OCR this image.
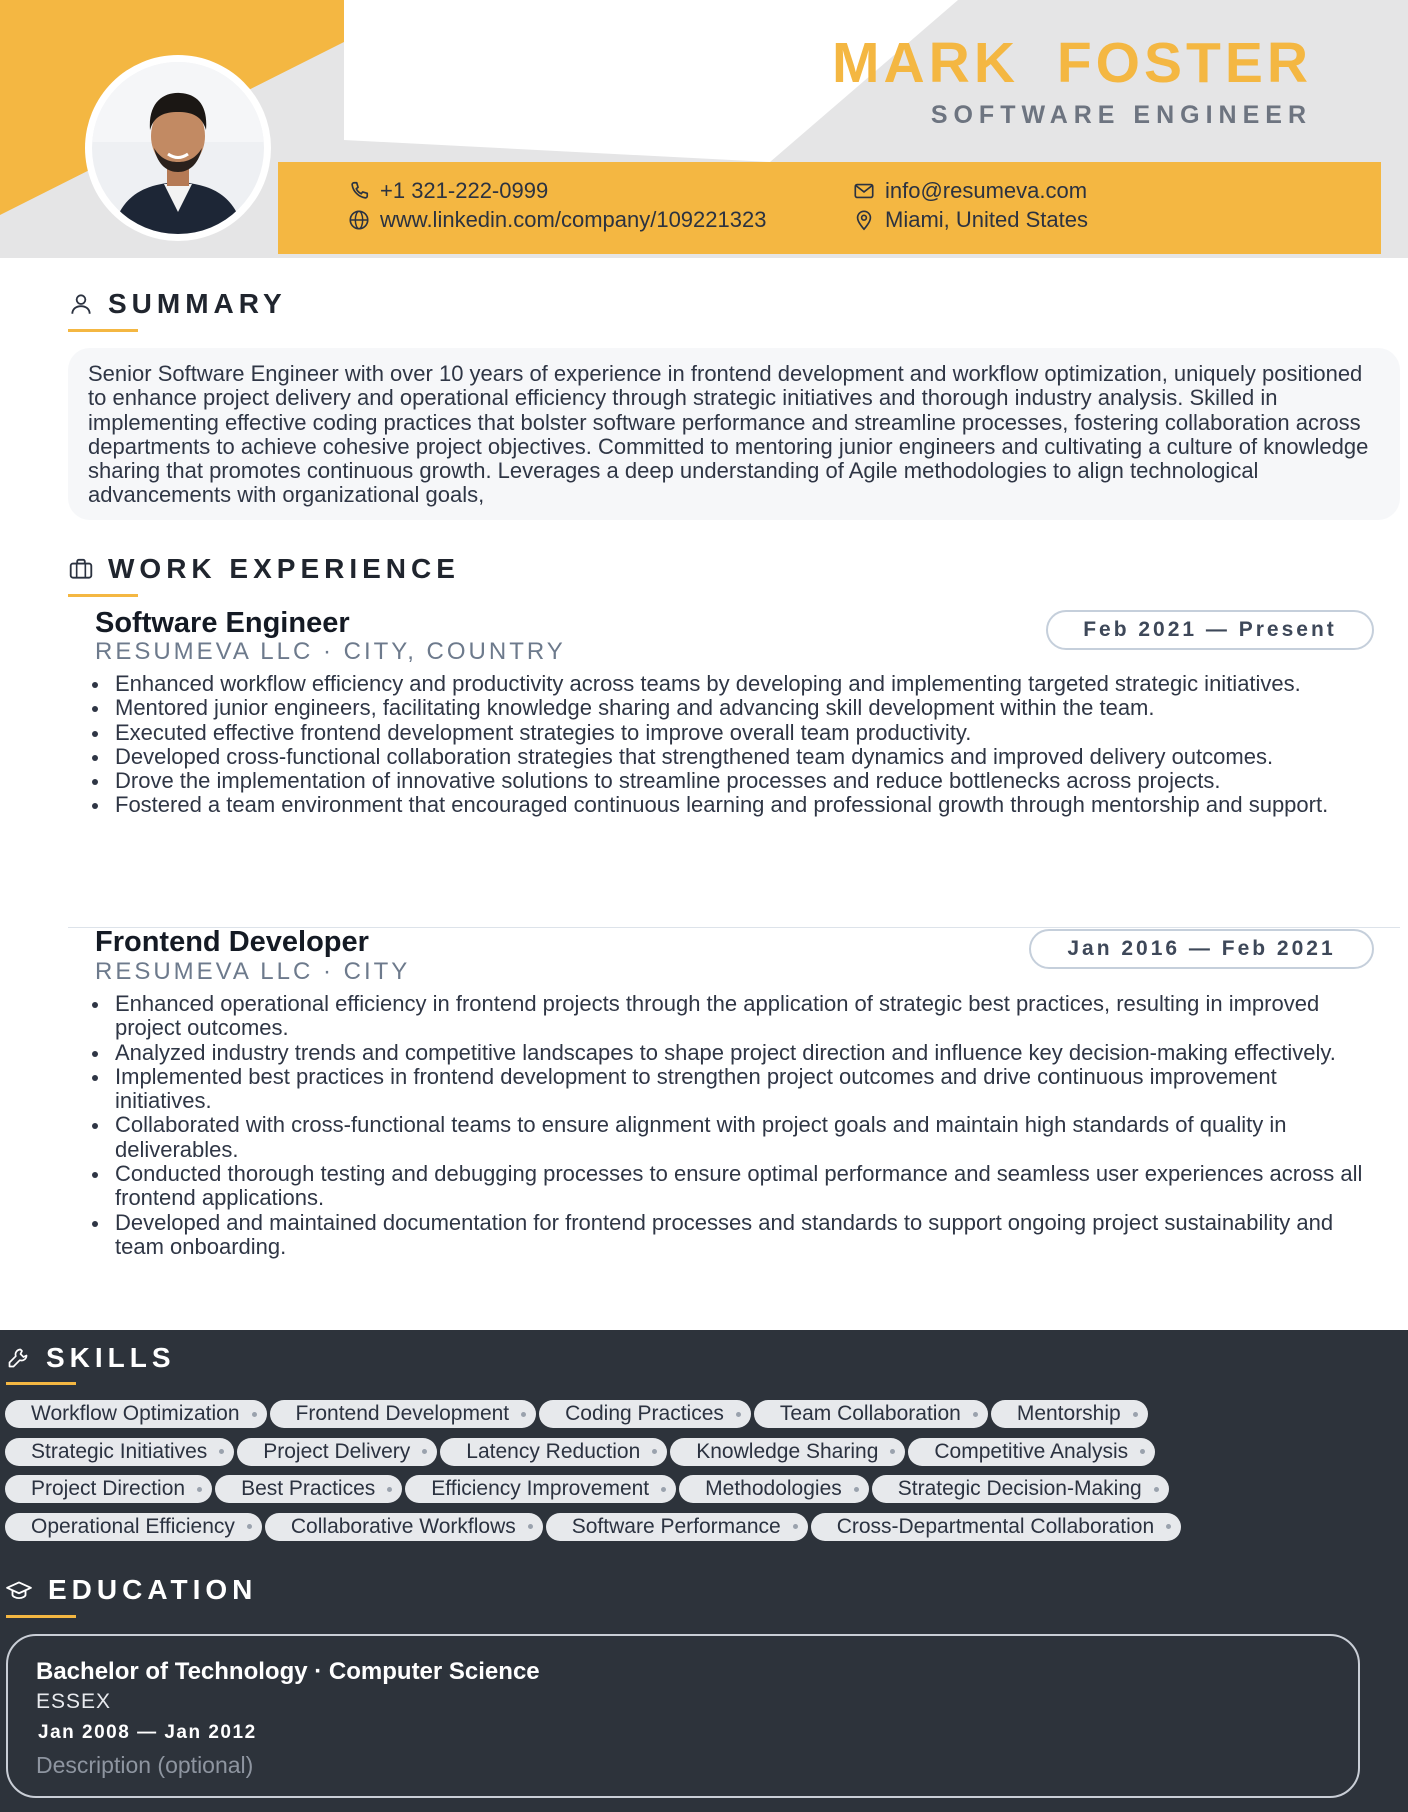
MARK FOSTER
SOFTWARE ENGINEER
+1 321-222-0999
www.linkedin.com/company/109221323
info@resumeva.com
Miami, United States
SUMMARY

Senior Software Engineer with over 10 years of experience in frontend development and workflow optimization, uniquely positioned to enhance project delivery and operational efficiency through strategic initiatives and thorough industry analysis. Skilled in implementing effective coding practices that bolster software performance and streamline processes, fostering collaboration across departments to achieve cohesive project objectives. Committed to mentoring junior engineers and cultivating a culture of knowledge sharing that promotes continuous growth. Leverages a deep understanding of Agile methodologies to align technological advancements with organizational goals,

WORK EXPERIENCE
Software Engineer
RESUMEVA LLC · CITY, COUNTRY
Feb 2021 — Present
Enhanced workflow efficiency and productivity across teams by developing and implementing targeted strategic initiatives.
Mentored junior engineers, facilitating knowledge sharing and advancing skill development within the team.
Executed effective frontend development strategies to improve overall team productivity.
Developed cross-functional collaboration strategies that strengthened team dynamics and improved delivery outcomes.
Drove the implementation of innovative solutions to streamline processes and reduce bottlenecks across projects.
Fostered a team environment that encouraged continuous learning and professional growth through mentorship and support.
Frontend Developer
RESUMEVA LLC · CITY
Jan 2016 — Feb 2021
Enhanced operational efficiency in frontend projects through the application of strategic best practices, resulting in improved project outcomes.
Analyzed industry trends and competitive landscapes to shape project direction and influence key decision-making effectively.
Implemented best practices in frontend development to strengthen project outcomes and drive continuous improvement initiatives.
Collaborated with cross-functional teams to ensure alignment with project goals and maintain high standards of quality in deliverables.
Conducted thorough testing and debugging processes to ensure optimal performance and seamless user experiences across all frontend applications.
Developed and maintained documentation for frontend processes and standards to support ongoing project sustainability and team onboarding.
SKILLS
Workflow Optimization	Frontend Development	Coding Practices	Team Collaboration	Mentorship
Strategic Initiatives	Project Delivery	Latency Reduction	Knowledge Sharing	Competitive Analysis
Project Direction	Best Practices	Efficiency Improvement	Methodologies	Strategic Decision-Making
Operational Efficiency	Collaborative Workflows	Software Performance	Cross-Departmental Collaboration
EDUCATION
Bachelor of Technology · Computer Science
ESSEX
Jan 2008 — Jan 2012
Description (optional)
